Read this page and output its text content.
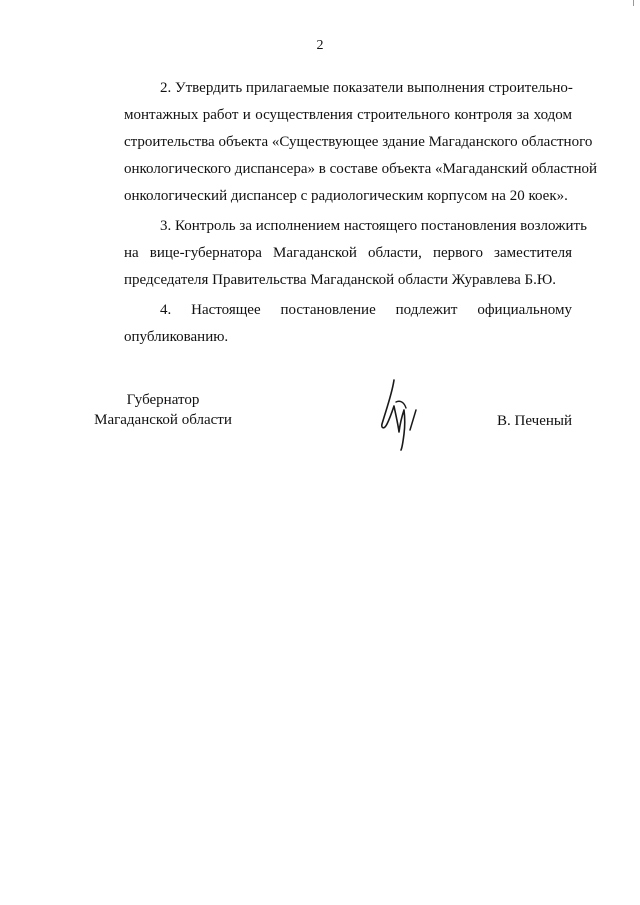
2
2. Утвердить прилагаемые показатели выполнения строительно-
монтажных работ и осуществления строительного контроля за ходом
строительства объекта «Существующее здание Магаданского областного
онкологического диспансера» в составе объекта «Магаданский областной
онкологический диспансер с радиологическим корпусом на 20 коек».
3. Контроль за исполнением настоящего постановления возложить
на вице-губернатора Магаданской области, первого заместителя
председателя Правительства Магаданской области Журавлева Б.Ю.
4. Настоящее постановление подлежит официальному
опубликованию.
Губернатор
Магаданской области	В. Печеный
